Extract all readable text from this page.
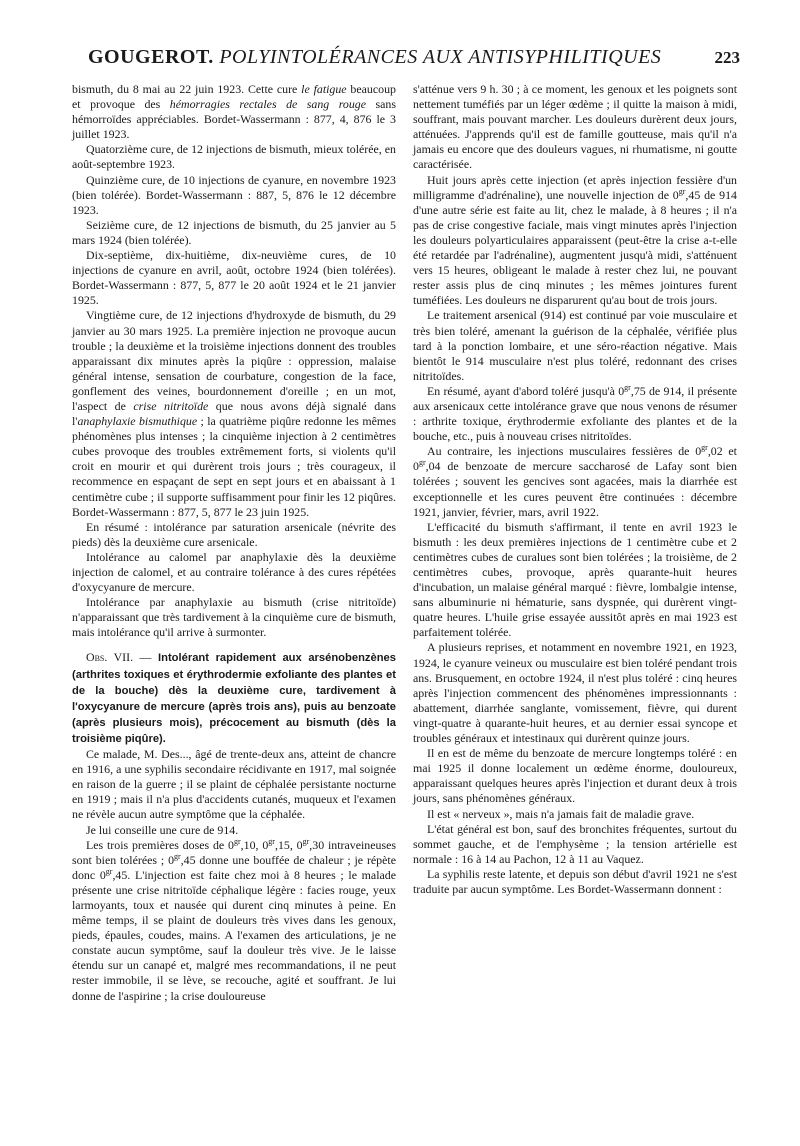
GOUGEROT. POLYINTOLÉRANCES AUX ANTISYPHILITIQUES	223

bismuth, du 8 mai au 22 juin 1923. Cette cure le fatigue beaucoup et provoque des hémorragies rectales de sang rouge sans hémorroïdes appréciables. Bordet-Wassermann : 877, 4, 876 le 3 juillet 1923.

Quatorzième cure, de 12 injections de bismuth, mieux tolérée, en août-septembre 1923.

Quinzième cure, de 10 injections de cyanure, en novembre 1923 (bien tolérée). Bordet-Wassermann : 887, 5, 876 le 12 décembre 1923.

Seizième cure, de 12 injections de bismuth, du 25 janvier au 5 mars 1924 (bien tolérée).

Dix-septième, dix-huitième, dix-neuvième cures, de 10 injections de cyanure en avril, août, octobre 1924 (bien tolérées). Bordet-Wassermann : 877, 5, 877 le 20 août 1924 et le 21 janvier 1925.

Vingtième cure, de 12 injections d'hydroxyde de bismuth, du 29 janvier au 30 mars 1925. La première injection ne provoque aucun trouble ; la deuxième et la troisième injections donnent des troubles apparaissant dix minutes après la piqûre : oppression, malaise général intense, sensation de courbature, congestion de la face, gonflement des veines, bourdonnement d'oreille ; en un mot, l'aspect de crise nitritoïde que nous avons déjà signalé dans l'anaphylaxie bismuthique ; la quatrième piqûre redonne les mêmes phénomènes plus intenses ; la cinquième injection à 2 centimètres cubes provoque des troubles extrêmement forts, si violents qu'il croit en mourir et qui durèrent trois jours ; très courageux, il recommence en espaçant de sept en sept jours et en abaissant à 1 centimètre cube ; il supporte suffisamment pour finir les 12 piqûres. Bordet-Wassermann : 877, 5, 877 le 23 juin 1925.

En résumé : intolérance par saturation arsenicale (névrite des pieds) dès la deuxième cure arsenicale.

Intolérance au calomel par anaphylaxie dès la deuxième injection de calomel, et au contraire tolérance à des cures répétées d'oxycyanure de mercure.

Intolérance par anaphylaxie au bismuth (crise nitritoïde) n'apparaissant que très tardivement à la cinquième cure de bismuth, mais intolérance qu'il arrive à surmonter.

Obs. VII. — Intolérant rapidement aux arsénobenzènes (arthrites toxiques et érythrodermie exfoliante des plantes et de la bouche) dès la deuxième cure, tardivement à l'oxycyanure de mercure (après trois ans), puis au benzoate (après plusieurs mois), précocement au bismuth (dès la troisième piqûre).

Ce malade, M. Des..., âgé de trente-deux ans, atteint de chancre en 1916, a une syphilis secondaire récidivante en 1917, mal soignée en raison de la guerre ; il se plaint de céphalée persistante nocturne en 1919 ; mais il n'a plus d'accidents cutanés, muqueux et l'examen ne révèle aucun autre symptôme que la céphalée.

Je lui conseille une cure de 914.

Les trois premières doses de $0^{gr},10$, $0^{gr},15$, $0^{gr},30$ intraveineuses sont bien tolérées ; $0^{gr},45$ donne une bouffée de chaleur ; je répète donc $0^{gr},45$. L'injection est faite chez moi à 8 heures ; le malade présente une crise nitritoïde céphalique légère : facies rouge, yeux larmoyants, toux et nausée qui durent cinq minutes à peine. En même temps, il se plaint de douleurs très vives dans les genoux, pieds, épaules, coudes, mains. A l'examen des articulations, je ne constate aucun symptôme, sauf la douleur très vive. Je le laisse étendu sur un canapé et, malgré mes recommandations, il ne peut rester immobile, il se lève, se recouche, agité et souffrant. Je lui donne de l'aspirine ; la crise douloureuse

s'atténue vers 9 h. 30 ; à ce moment, les genoux et les poignets sont nettement tuméfiés par un léger œdème ; il quitte la maison à midi, souffrant, mais pouvant marcher. Les douleurs durèrent deux jours, atténuées. J'apprends qu'il est de famille goutteuse, mais qu'il n'a jamais eu encore que des douleurs vagues, ni rhumatisme, ni goutte caractérisée.

Huit jours après cette injection (et après injection fessière d'un milligramme d'adrénaline), une nouvelle injection de $0^{gr},45$ de 914 d'une autre série est faite au lit, chez le malade, à 8 heures ; il n'a pas de crise congestive faciale, mais vingt minutes après l'injection les douleurs polyarticulaires apparaissent (peut-être la crise a-t-elle été retardée par l'adrénaline), augmentent jusqu'à midi, s'atténuent vers 15 heures, obligeant le malade à rester chez lui, ne pouvant rester assis plus de cinq minutes ; les mêmes jointures furent tuméfiées. Les douleurs ne disparurent qu'au bout de trois jours.

Le traitement arsenical (914) est continué par voie musculaire et très bien toléré, amenant la guérison de la céphalée, vérifiée plus tard à la ponction lombaire, et une séro-réaction négative. Mais bientôt le 914 musculaire n'est plus toléré, redonnant des crises nitritoïdes.

En résumé, ayant d'abord toléré jusqu'à $0^{gr},75$ de 914, il présente aux arsenicaux cette intolérance grave que nous venons de résumer : arthrite toxique, érythrodermie exfoliante des plantes et de la bouche, etc., puis à nouveau crises nitritoïdes.

Au contraire, les injections musculaires fessières de $0^{gr},02$ et $0^{gr},04$ de benzoate de mercure saccharosé de Lafay sont bien tolérées ; souvent les gencives sont agacées, mais la diarrhée est exceptionnelle et les cures peuvent être continuées : décembre 1921, janvier, février, mars, avril 1922.

L'efficacité du bismuth s'affirmant, il tente en avril 1923 le bismuth : les deux premières injections de 1 centimètre cube et 2 centimètres cubes de curalues sont bien tolérées ; la troisième, de 2 centimètres cubes, provoque, après quarante-huit heures d'incubation, un malaise général marqué : fièvre, lombalgie intense, sans albuminurie ni hématurie, sans dyspnée, qui durèrent vingt-quatre heures. L'huile grise essayée aussitôt après en mai 1923 est parfaitement tolérée.

A plusieurs reprises, et notamment en novembre 1921, en 1923, 1924, le cyanure veineux ou musculaire est bien toléré pendant trois ans. Brusquement, en octobre 1924, il n'est plus toléré : cinq heures après l'injection commencent des phénomènes impressionnants : abattement, diarrhée sanglante, vomissement, fièvre, qui durent vingt-quatre à quarante-huit heures, et au dernier essai syncope et troubles généraux et intestinaux qui durèrent quinze jours.

Il en est de même du benzoate de mercure longtemps toléré : en mai 1925 il donne localement un œdème énorme, douloureux, apparaissant quelques heures après l'injection et durant deux à trois jours, sans phénomènes généraux.

Il est « nerveux », mais n'a jamais fait de maladie grave.

L'état général est bon, sauf des bronchites fréquentes, surtout du sommet gauche, et de l'emphysème ; la tension artérielle est normale : 16 à 14 au Pachon, 12 à 11 au Vaquez.

La syphilis reste latente, et depuis son début d'avril 1921 ne s'est traduite par aucun symptôme. Les Bordet-Wassermann donnent :
